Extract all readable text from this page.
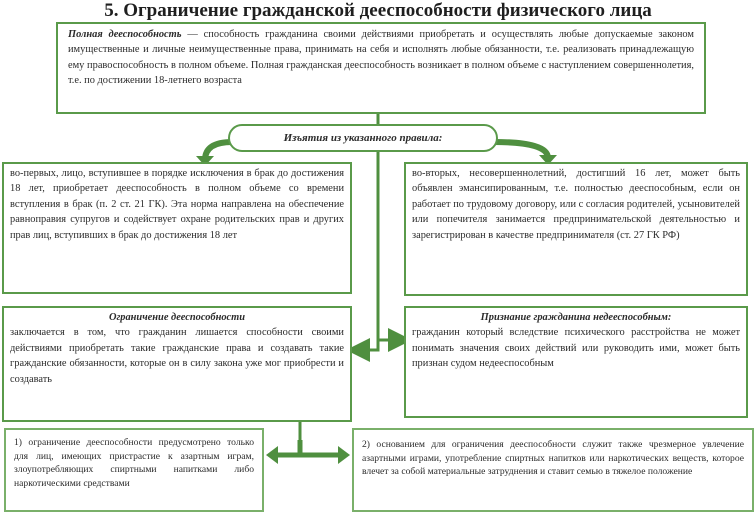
5. Ограничение гражданской дееспособности физического лица
Полная дееспособность — способность гражданина своими действиями приобретать и осуществлять любые допускаемые законом имущественные и личные неимущественные права, принимать на себя и исполнять любые обязанности, т.е. реализовать принадлежащую ему правоспособность в полном объеме. Полная гражданская дееспособность возникает в полном объеме с наступлением совершеннолетия, т.е. по достижении 18-летнего возраста
Изъятия из указанного правила:
во-первых, лицо, вступившее в порядке исключения в брак до достижения 18 лет, приобретает дееспособность в полном объеме со времени вступления в брак (п. 2 ст. 21 ГК). Эта норма направлена на обеспечение равноправия супругов и содействует охране родительских прав и других прав лиц, вступивших в брак до достижения 18 лет
во-вторых, несовершеннолетний, достигший 16 лет, может быть объявлен эмансипированным, т.е. полностью дееспособным, если он работает по трудовому договору, или с согласия родителей, усыновителей или попечителя занимается предпринимательской деятельностью и зарегистрирован в качестве предпринимателя (ст. 27 ГК РФ)
Ограничение дееспособности
заключается в том, что гражданин лишается способности своими действиями приобретать такие гражданские права и создавать такие гражданские обязанности, которые он в силу закона уже мог приобрести и создавать
Признание гражданина недееспособным:
гражданин который вследствие психического расстройства не может понимать значения своих действий или руководить ими, может быть признан судом недееспособным
1) ограничение дееспособности предусмотрено только для лиц, имеющих пристрастие к азартным играм, злоупотребляющих спиртными напитками либо наркотическими средствами
2) основанием для ограничения дееспособности служит также чрезмерное увлечение азартными играми, употребление спиртных напитков или наркотических веществ, которое влечет за собой материальные затруднения и ставит семью в тяжелое положение
